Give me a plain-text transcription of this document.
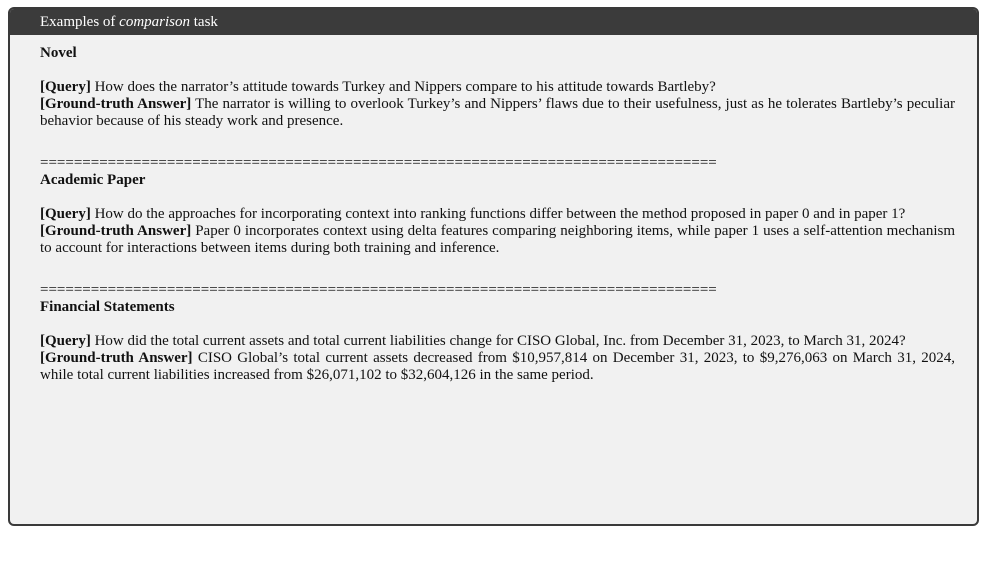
Examples of comparison task

Novel

[Query] How does the narrator’s attitude towards Turkey and Nippers compare to his attitude towards Bartleby?

[Ground-truth Answer] The narrator is willing to overlook Turkey’s and Nippers’ flaws due to their usefulness, just as he tolerates Bartleby’s peculiar behavior because of his steady work and presence.

================================================================================

Academic Paper

[Query] How do the approaches for incorporating context into ranking functions differ between the method proposed in paper 0 and in paper 1?

[Ground-truth Answer] Paper 0 incorporates context using delta features comparing neighboring items, while paper 1 uses a self-attention mechanism to account for interactions between items during both training and inference.

================================================================================

Financial Statements

[Query] How did the total current assets and total current liabilities change for CISO Global, Inc. from December 31, 2023, to March 31, 2024?

[Ground-truth Answer] CISO Global’s total current assets decreased from $10,957,814 on December 31, 2023, to $9,276,063 on March 31, 2024, while total current liabilities increased from $26,071,102 to $32,604,126 in the same period.
